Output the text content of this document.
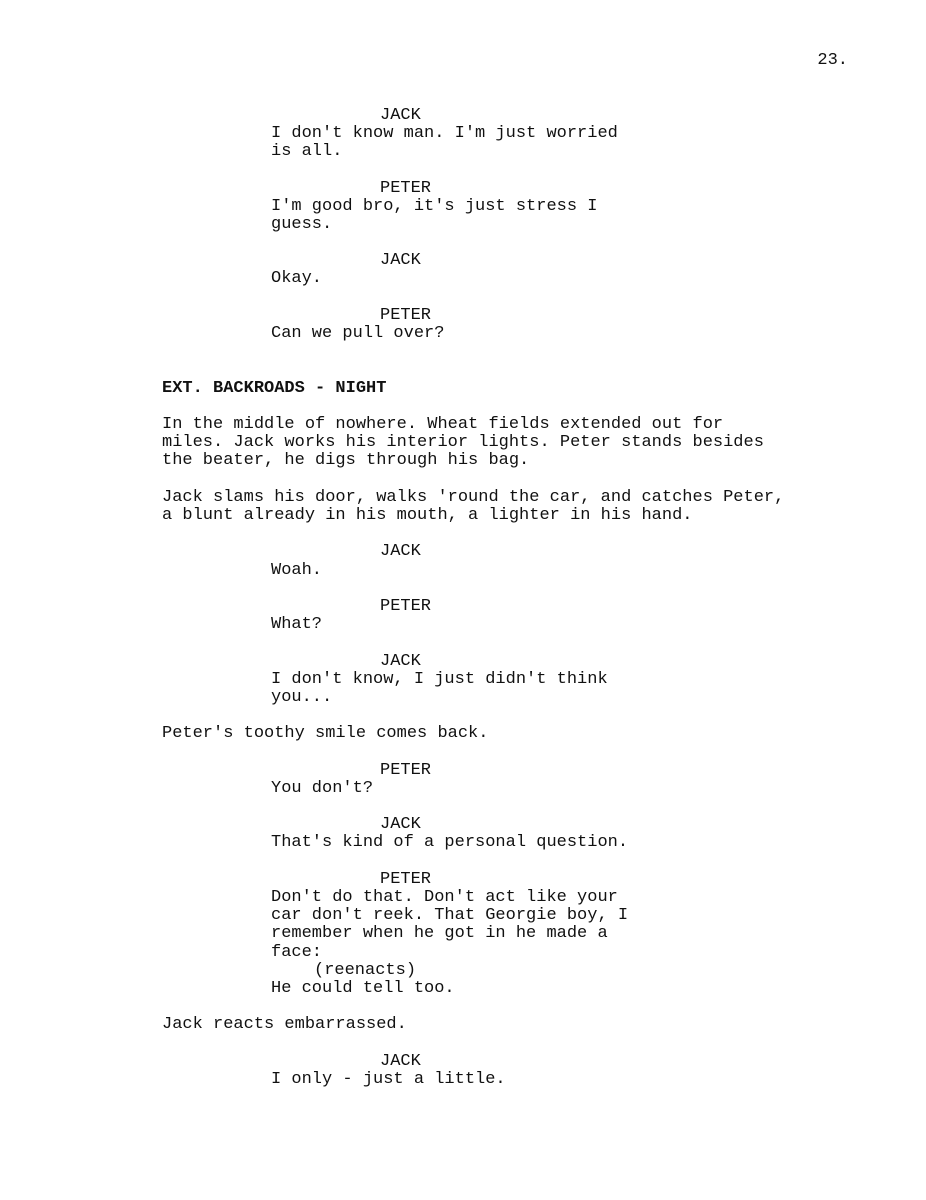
23.
JACK
I don't know man. I'm just worried
is all.
PETER
I'm good bro, it's just stress I
guess.
JACK
Okay.
PETER
Can we pull over?
EXT. BACKROADS - NIGHT
In the middle of nowhere. Wheat fields extended out for
miles. Jack works his interior lights. Peter stands besides
the beater, he digs through his bag.
Jack slams his door, walks 'round the car, and catches Peter,
a blunt already in his mouth, a lighter in his hand.
JACK
Woah.
PETER
What?
JACK
I don't know, I just didn't think
you...
Peter's toothy smile comes back.
PETER
You don't?
JACK
That's kind of a personal question.
PETER
Don't do that. Don't act like your
car don't reek. That Georgie boy, I
remember when he got in he made a
face:
(reenacts)
He could tell too.
Jack reacts embarrassed.
JACK
I only - just a little.
